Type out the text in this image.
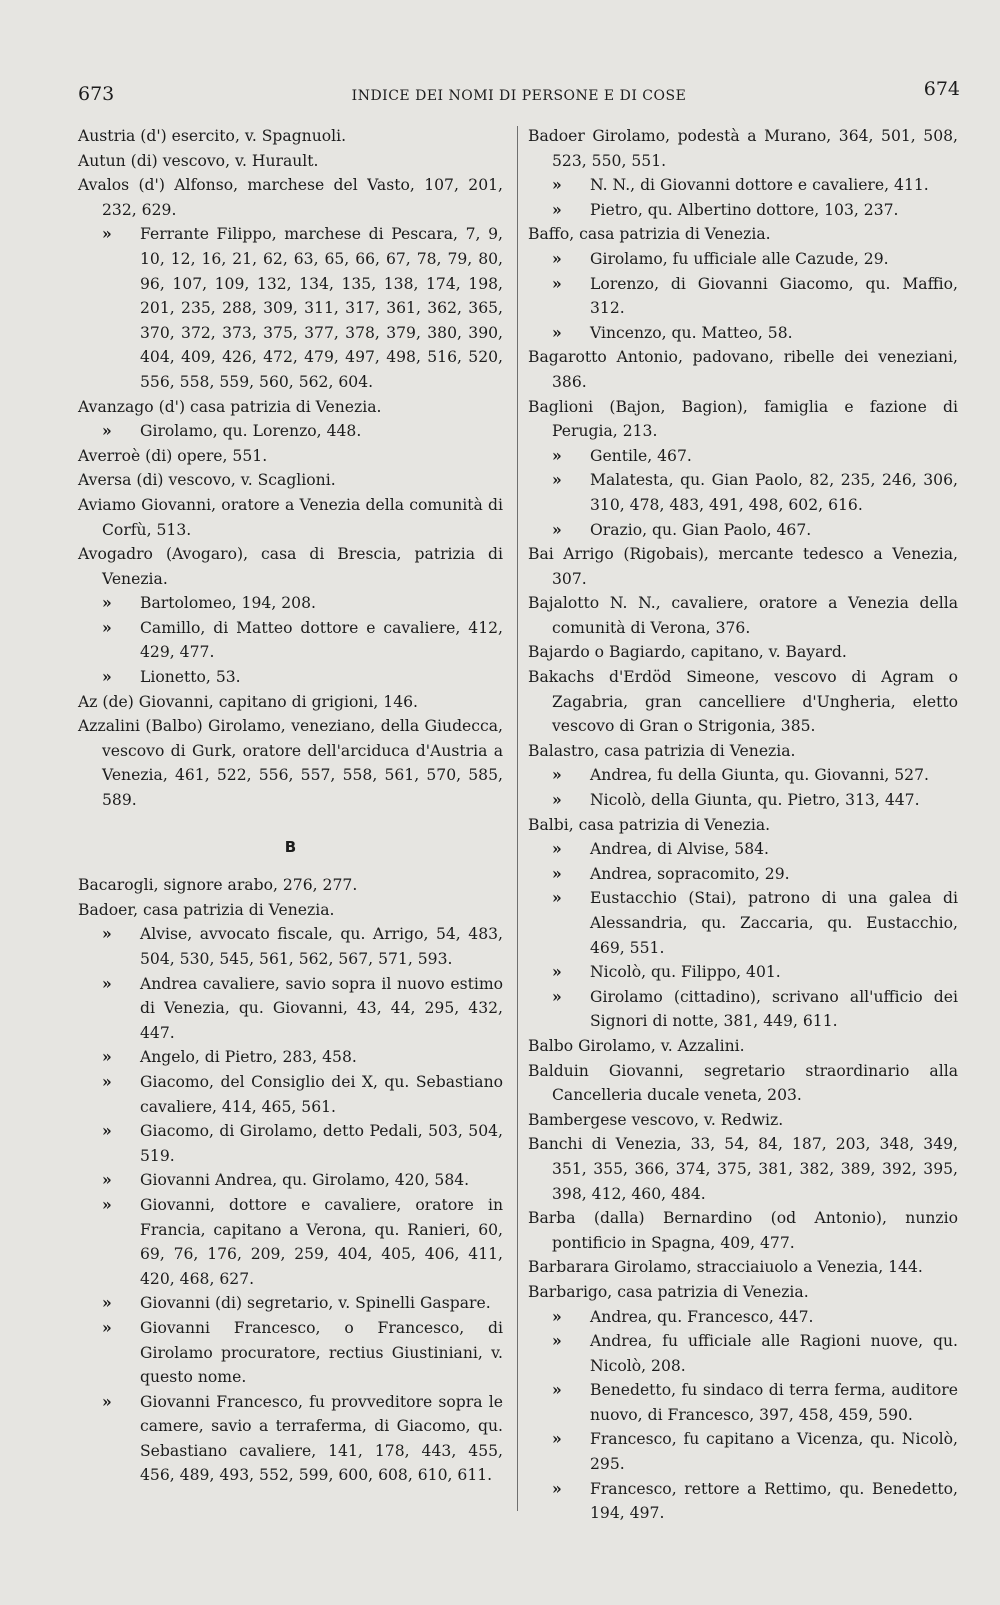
673	INDICE DEI NOMI DI PERSONE E DI COSE	674
Austria (d') esercito, v. Spagnuoli.
Autun (di) vescovo, v. Hurault.
Avalos (d') Alfonso, marchese del Vasto, 107, 201, 232, 629.
» Ferrante Filippo, marchese di Pescara, 7, 9, 10, 12, 16, 21, 62, 63, 65, 66, 67, 78, 79, 80, 96, 107, 109, 132, 134, 135, 138, 174, 198, 201, 235, 288, 309, 311, 317, 361, 362, 365, 370, 372, 373, 375, 377, 378, 379, 380, 390, 404, 409, 426, 472, 479, 497, 498, 516, 520, 556, 558, 559, 560, 562, 604.
Avanzago (d') casa patrizia di Venezia.
» Girolamo, qu. Lorenzo, 448.
Averroè (di) opere, 551.
Aversa (di) vescovo, v. Scaglioni.
Aviamo Giovanni, oratore a Venezia della comunità di Corfù, 513.
Avogadro (Avogaro), casa di Brescia, patrizia di Venezia.
» Bartolomeo, 194, 208.
» Camillo, di Matteo dottore e cavaliere, 412, 429, 477.
» Lionetto, 53.
Az (de) Giovanni, capitano di grigioni, 146.
Azzalini (Balbo) Girolamo, veneziano, della Giudecca, vescovo di Gurk, oratore dell'arciduca d'Austria a Venezia, 461, 522, 556, 557, 558, 561, 570, 585, 589.
B
Bacarogli, signore arabo, 276, 277.
Badoer, casa patrizia di Venezia.
» Alvise, avvocato fiscale, qu. Arrigo, 54, 483, 504, 530, 545, 561, 562, 567, 571, 593.
» Andrea cavaliere, savio sopra il nuovo estimo di Venezia, qu. Giovanni, 43, 44, 295, 432, 447.
» Angelo, di Pietro, 283, 458.
» Giacomo, del Consiglio dei X, qu. Sebastiano cavaliere, 414, 465, 561.
» Giacomo, di Girolamo, detto Pedali, 503, 504, 519.
» Giovanni Andrea, qu. Girolamo, 420, 584.
» Giovanni, dottore e cavaliere, oratore in Francia, capitano a Verona, qu. Ranieri, 60, 69, 76, 176, 209, 259, 404, 405, 406, 411, 420, 468, 627.
» Giovanni (di) segretario, v. Spinelli Gaspare.
» Giovanni Francesco, o Francesco, di Girolamo procuratore, rectius Giustiniani, v. questo nome.
» Giovanni Francesco, fu provveditore sopra le camere, savio a terraferma, di Giacomo, qu. Sebastiano cavaliere, 141, 178, 443, 455, 456, 489, 493, 552, 599, 600, 608, 610, 611.
Badoer Girolamo, podestà a Murano, 364, 501, 508, 523, 550, 551.
» N. N., di Giovanni dottore e cavaliere, 411.
» Pietro, qu. Albertino dottore, 103, 237.
Baffo, casa patrizia di Venezia.
» Girolamo, fu ufficiale alle Cazude, 29.
» Lorenzo, di Giovanni Giacomo, qu. Maffio, 312.
» Vincenzo, qu. Matteo, 58.
Bagarotto Antonio, padovano, ribelle dei veneziani, 386.
Baglioni (Bajon, Bagion), famiglia e fazione di Perugia, 213.
» Gentile, 467.
» Malatesta, qu. Gian Paolo, 82, 235, 246, 306, 310, 478, 483, 491, 498, 602, 616.
» Orazio, qu. Gian Paolo, 467.
Bai Arrigo (Rigobais), mercante tedesco a Venezia, 307.
Bajalotto N. N., cavaliere, oratore a Venezia della comunità di Verona, 376.
Bajardo o Bagiardo, capitano, v. Bayard.
Bakachs d'Erdöd Simeone, vescovo di Agram o Zagabria, gran cancelliere d'Ungheria, eletto vescovo di Gran o Strigonia, 385.
Balastro, casa patrizia di Venezia.
» Andrea, fu della Giunta, qu. Giovanni, 527.
» Nicolò, della Giunta, qu. Pietro, 313, 447.
Balbi, casa patrizia di Venezia.
» Andrea, di Alvise, 584.
» Andrea, sopracomito, 29.
» Eustacchio (Stai), patrono di una galea di Alessandria, qu. Zaccaria, qu. Eustacchio, 469, 551.
» Nicolò, qu. Filippo, 401.
» Girolamo (cittadino), scrivano all'ufficio dei Signori di notte, 381, 449, 611.
Balbo Girolamo, v. Azzalini.
Balduin Giovanni, segretario straordinario alla Cancelleria ducale veneta, 203.
Bambergese vescovo, v. Redwiz.
Banchi di Venezia, 33, 54, 84, 187, 203, 348, 349, 351, 355, 366, 374, 375, 381, 382, 389, 392, 395, 398, 412, 460, 484.
Barba (dalla) Bernardino (od Antonio), nunzio pontificio in Spagna, 409, 477.
Barbarara Girolamo, stracciaiuolo a Venezia, 144.
Barbarigo, casa patrizia di Venezia.
» Andrea, qu. Francesco, 447.
» Andrea, fu ufficiale alle Ragioni nuove, qu. Nicolò, 208.
» Benedetto, fu sindaco di terra ferma, auditore nuovo, di Francesco, 397, 458, 459, 590.
» Francesco, fu capitano a Vicenza, qu. Nicolò, 295.
» Francesco, rettore a Rettimo, qu. Benedetto, 194, 497.
